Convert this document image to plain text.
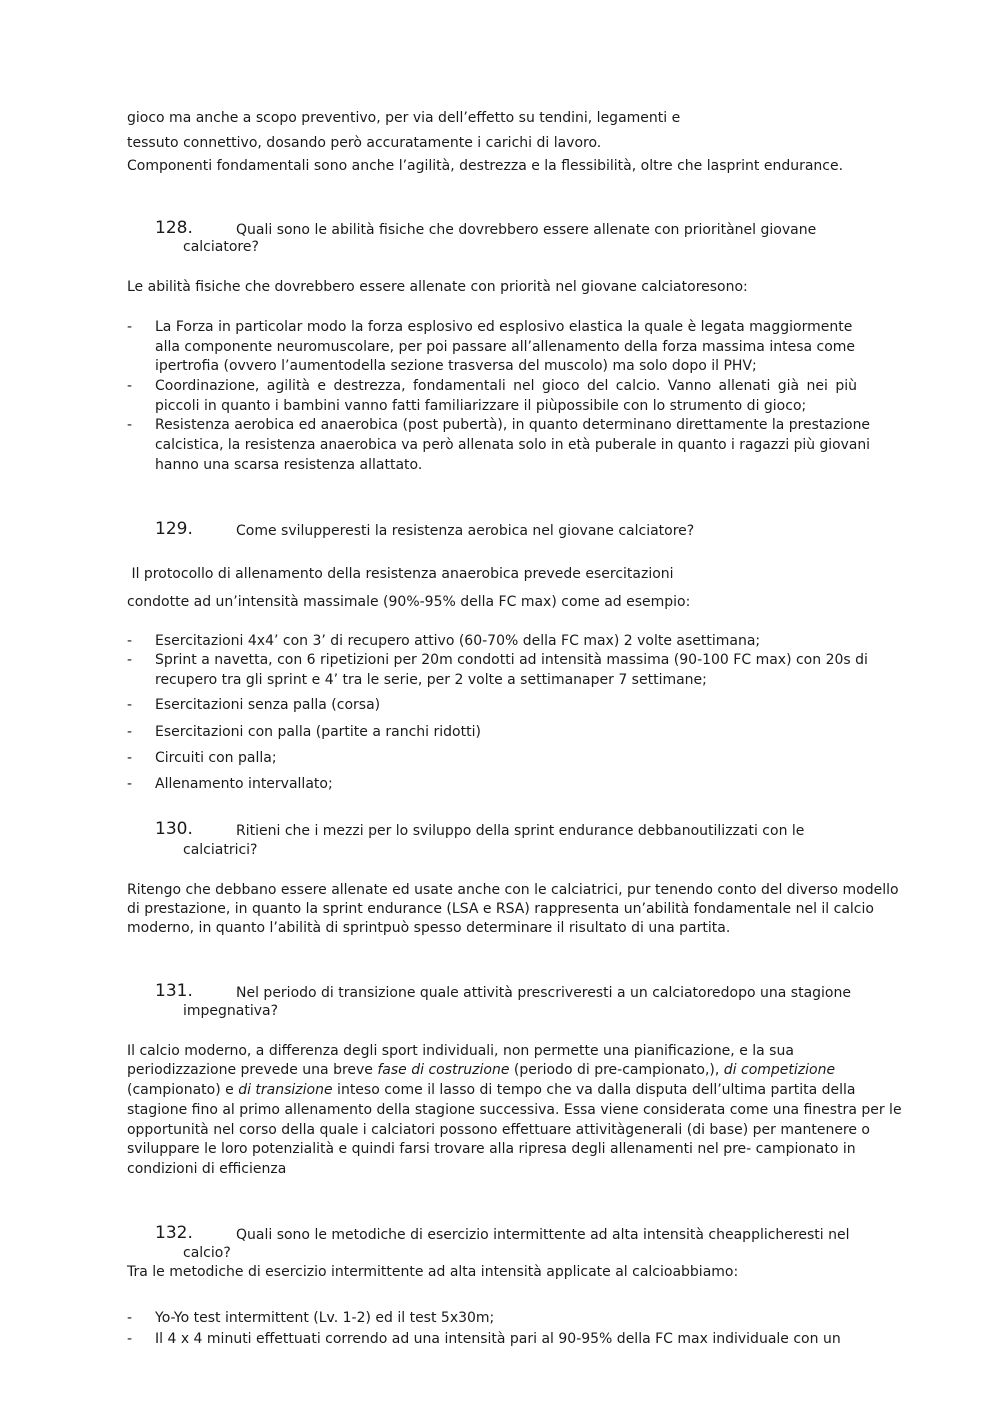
gioco ma anche a scopo preventivo, per via dell’effetto su tendini, legamenti e
tessuto connettivo, dosando però accuratamente i carichi di lavoro.
Componenti fondamentali sono anche l’agilità, destrezza e la flessibilità, oltre che lasprint endurance.
128.	Quali sono le abilità fisiche che dovrebbero essere allenate con prioritànel giovane
calciatore?
Le abilità fisiche che dovrebbero essere allenate con priorità nel giovane calciatoresono:
- La Forza in particolar modo la forza esplosivo ed esplosivo elastica la quale è legata maggiormente
alla componente neuromuscolare, per poi passare all’allenamento della forza massima intesa come
ipertrofia (ovvero l’aumentodella sezione trasversa del muscolo) ma solo dopo il PHV;
- Coordinazione, agilità e destrezza, fondamentali nel gioco del calcio. Vanno allenati già nei più
piccoli in quanto i bambini vanno fatti familiarizzare il piùpossibile con lo strumento di gioco;
- Resistenza aerobica ed anaerobica (post pubertà), in quanto determinano direttamente la prestazione
calcistica, la resistenza anaerobica va però allenata solo in età puberale in quanto i ragazzi più giovani
hanno una scarsa resistenza allattato.
129.	Come svilupperesti la resistenza aerobica nel giovane calciatore?
Il protocollo di allenamento della resistenza anaerobica prevede esercitazioni
condotte ad un’intensità massimale (90%-95% della FC max) come ad esempio:
- Esercitazioni 4x4’ con 3’ di recupero attivo (60-70% della FC max) 2 volte asettimana;
- Sprint a navetta, con 6 ripetizioni per 20m condotti ad intensità massima (90-100 FC max) con 20s di
recupero tra gli sprint e 4’ tra le serie, per 2 volte a settimanaper 7 settimane;
- Esercitazioni senza palla (corsa)
- Esercitazioni con palla (partite a ranchi ridotti)
- Circuiti con palla;
- Allenamento intervallato;
130.	Ritieni che i mezzi per lo sviluppo della sprint endurance debbanoutilizzati con le
calciatrici?
Ritengo che debbano essere allenate ed usate anche con le calciatrici, pur tenendo conto del diverso modello
di prestazione, in quanto la sprint endurance (LSA e RSA) rappresenta un’abilità fondamentale nel il calcio
moderno, in quanto l’abilità di sprintpuò spesso determinare il risultato di una partita.
131.	Nel periodo di transizione quale attività prescriveresti a un calciatoredopo una stagione
impegnativa?
Il calcio moderno, a differenza degli sport individuali, non permette una pianificazione, e la sua
periodizzazione prevede una breve fase di costruzione (periodo di pre-campionato,), di competizione
(campionato) e di transizione inteso come il lasso di tempo che va dalla disputa dell’ultima partita della
stagione fino al primo allenamento della stagione successiva. Essa viene considerata come una finestra per le
opportunità nel corso della quale i calciatori possono effettuare attivitàgenerali (di base) per mantenere o
sviluppare le loro potenzialità e quindi farsi trovare alla ripresa degli allenamenti nel pre- campionato in
condizioni di efficienza
132.	Quali sono le metodiche di esercizio intermittente ad alta intensità cheapplicheresti nel
calcio?
Tra le metodiche di esercizio intermittente ad alta intensità applicate al calcioabbiamo:
- Yo-Yo test intermittent (Lv. 1-2) ed il test 5x30m;
- Il 4 x 4 minuti effettuati correndo ad una intensità pari al 90-95% della FC max individuale con un
